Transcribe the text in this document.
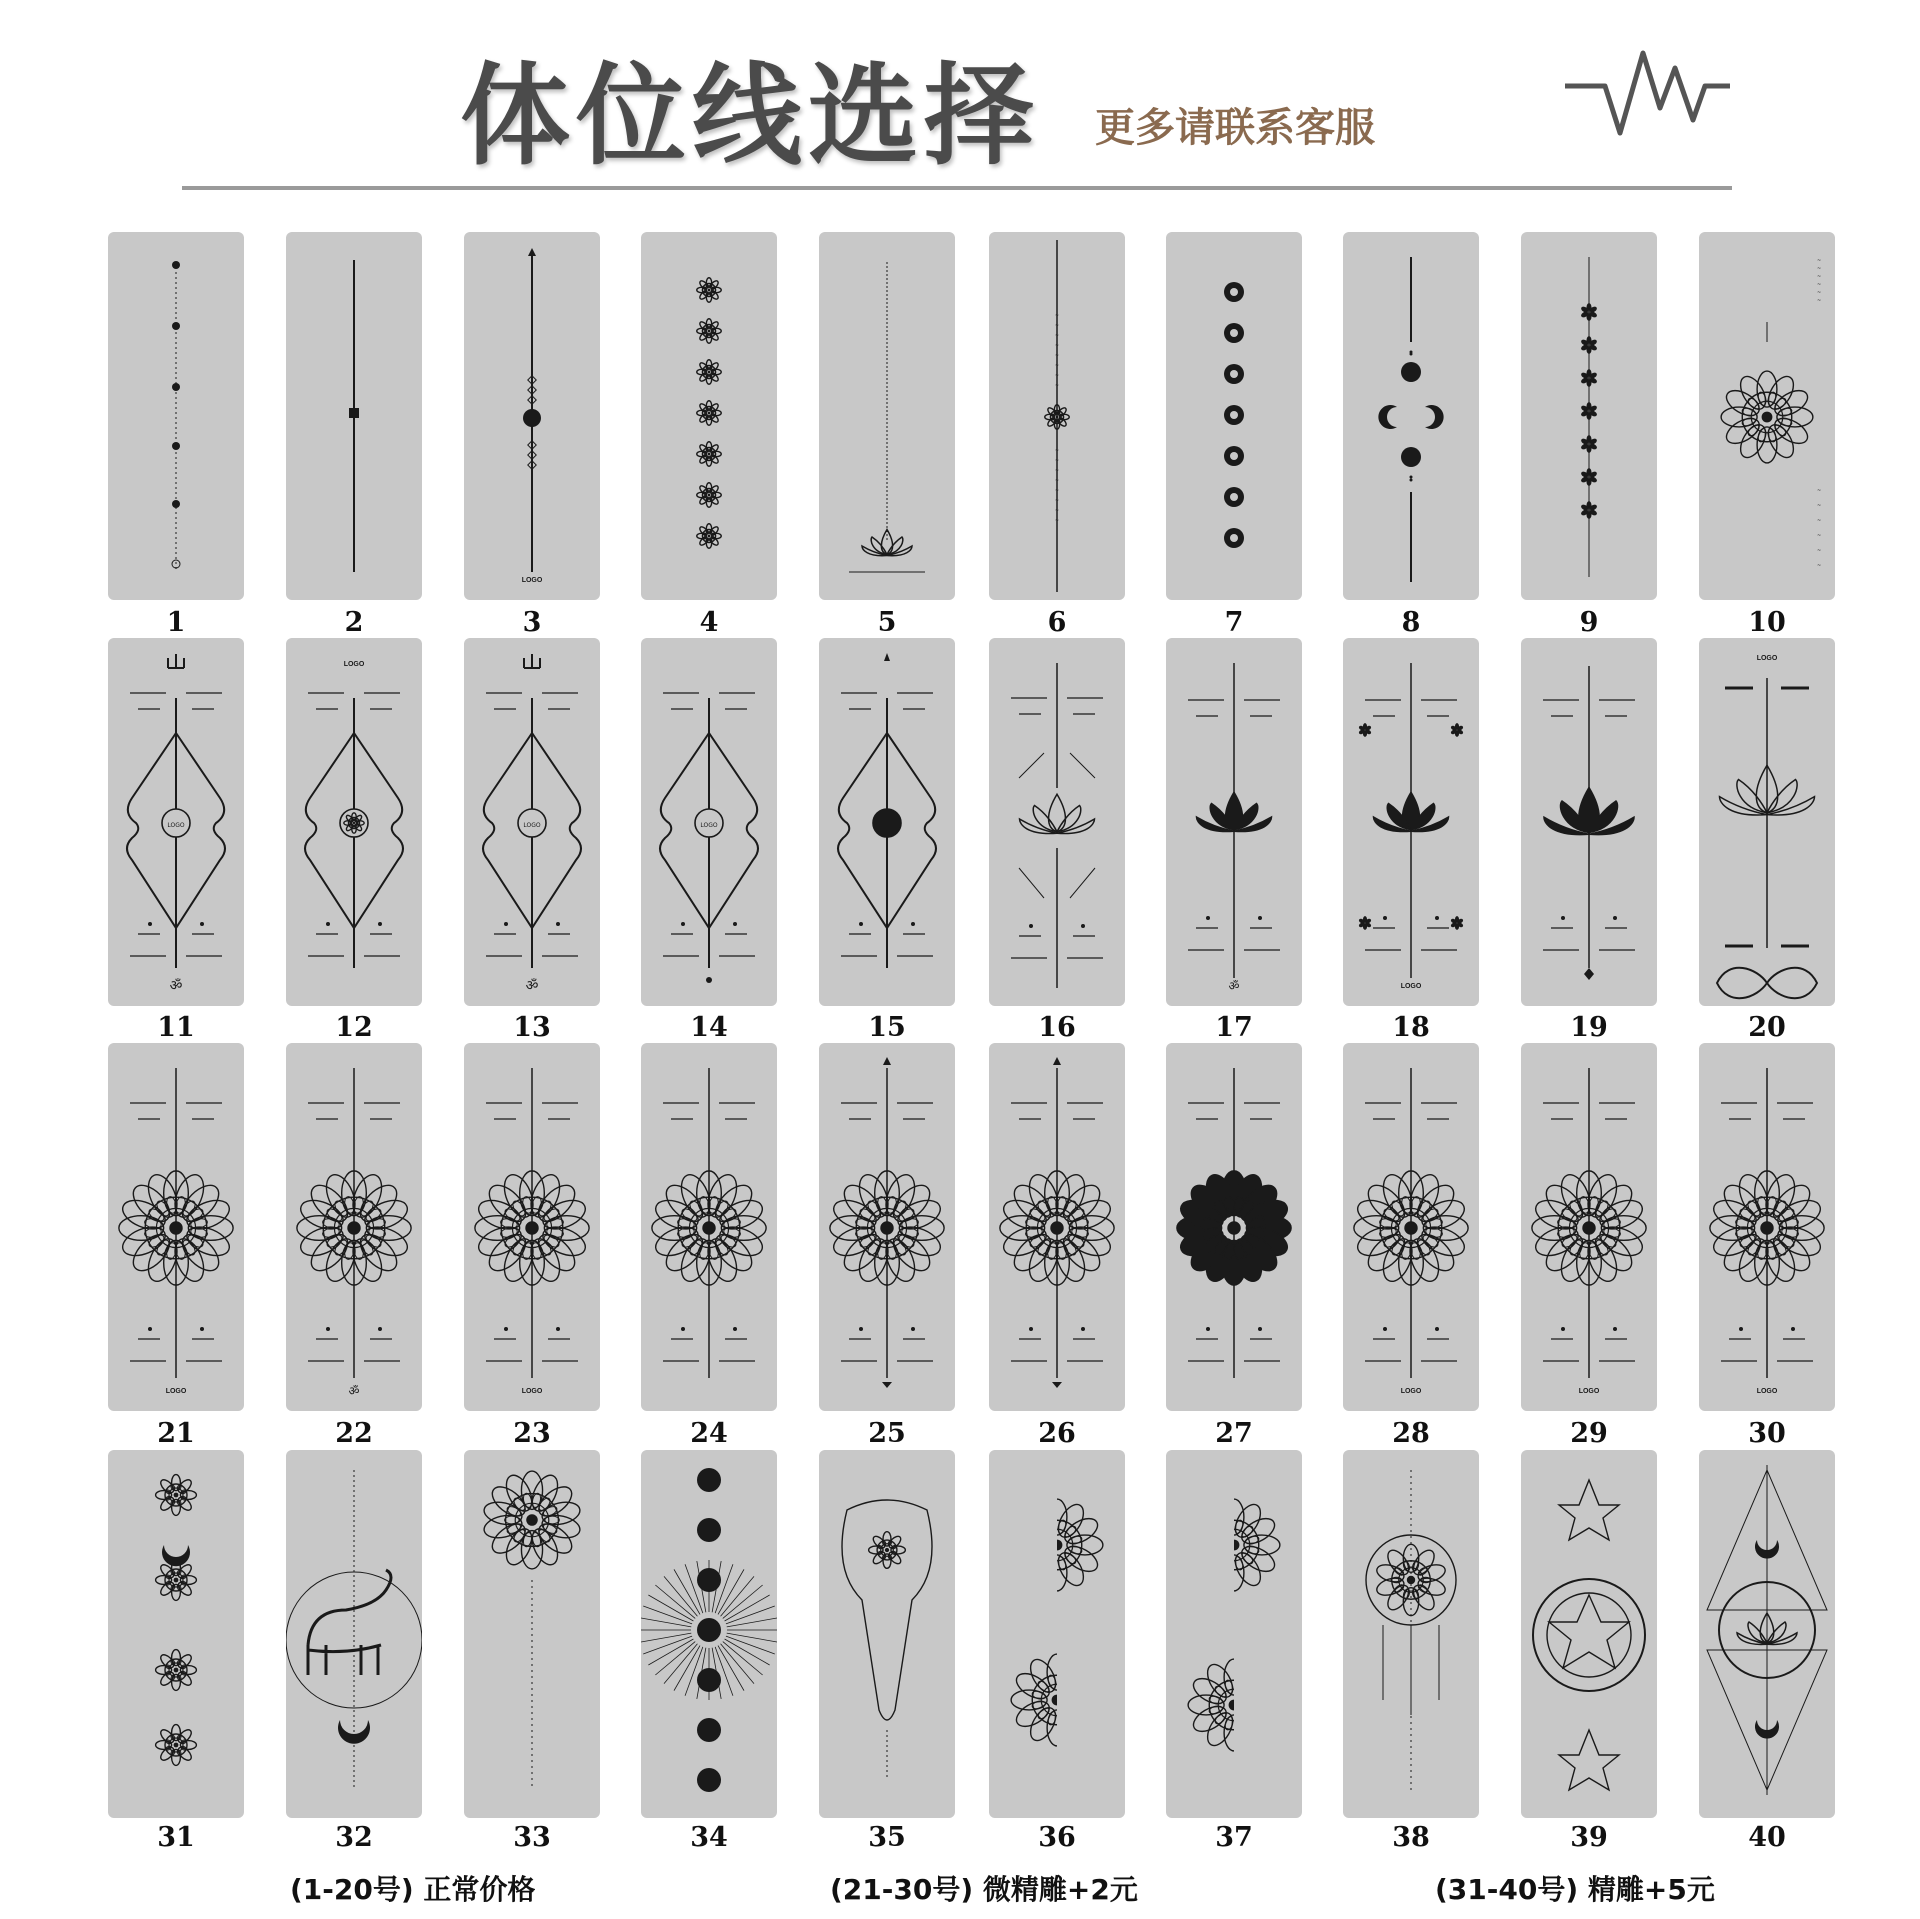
体位线选择 更多请联系客服
1	2
LOGO
3	4	5
~
~
~
~
~
~
~
~
~
~
~
~
~
~
~
~
6	7	8	9
~
~
~
~
~
~
~
~
~
~
~
~
10
LOGO
ॐ
11
LOGO
12
LOGO
ॐ
13
LOGO
14	15	16
ॐ
17
LOGO
18	19
LOGO
20
LOGO
21
ॐ
22
LOGO
23	24	25	26	27
LOGO
28
LOGO
29
LOGO
30
31	32	33	34	35	36	37	38	39	40
(1-20号) 正常价格	(21-30号) 微精雕+2元	(31-40号) 精雕+5元
